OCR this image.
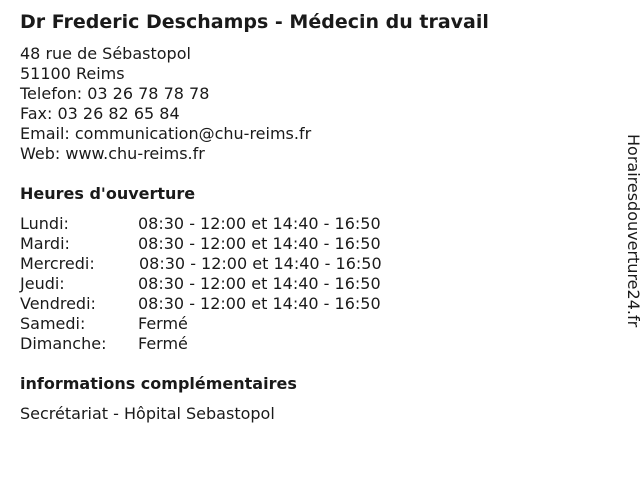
Dr Frederic Deschamps - Médecin du travail
48 rue de Sébastopol
51100 Reims
Telefon: 03 26 78 78 78
Fax: 03 26 82 65 84
Email: communication@chu-reims.fr
Web: www.chu-reims.fr
Heures d'ouverture
Lundi:	08:30 - 12:00 et 14:40 - 16:50
Mardi:	08:30 - 12:00 et 14:40 - 16:50
Mercredi:	08:30 - 12:00 et 14:40 - 16:50
Jeudi:	08:30 - 12:00 et 14:40 - 16:50
Vendredi:	08:30 - 12:00 et 14:40 - 16:50
Samedi:	Fermé
Dimanche: Fermé
informations complémentaires
Secrétariat - Hôpital Sebastopol
Horairesdouverture24.fr
